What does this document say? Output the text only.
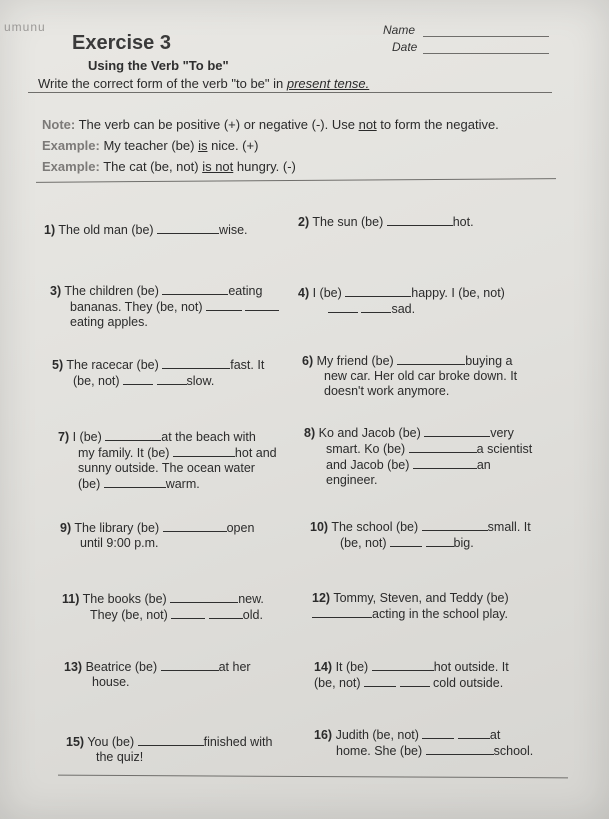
umunu
Exercise 3
Using the Verb "To be"
Name
Date
Write the correct form of the verb "to be" in present tense.
Note: The verb can be positive (+) or negative (-). Use not to form the negative.
Example: My teacher (be) is nice. (+)
Example: The cat (be, not) is not hungry. (-)
1) The old man (be)	wise.
2) The sun (be)	hot.
3) The children (be)	eating
bananas. They (be, not)
eating apples.
4) I (be)	happy. I (be, not)
sad.
5) The racecar (be)	fast. It
(be, not)	slow.
6) My friend (be)	buying a
new car. Her old car broke down. It
doesn't work anymore.
7) I (be)	at the beach with
my family. It (be)	hot and
sunny outside. The ocean water
(be)	warm.
8) Ko and Jacob (be)	very
smart. Ko (be)	a scientist
and Jacob (be)	an
engineer.
9) The library (be)	open
until 9:00 p.m.
10) The school (be)	small. It
(be, not)	big.
11) The books (be)	new.
They (be, not)	old.
12) Tommy, Steven, and Teddy (be)
acting in the school play.
13) Beatrice (be)	at her
house.
14) It (be)	hot outside. It
(be, not)	cold outside.
15) You (be)	finished with
the quiz!
16) Judith (be, not)	at
home. She (be)	school.
